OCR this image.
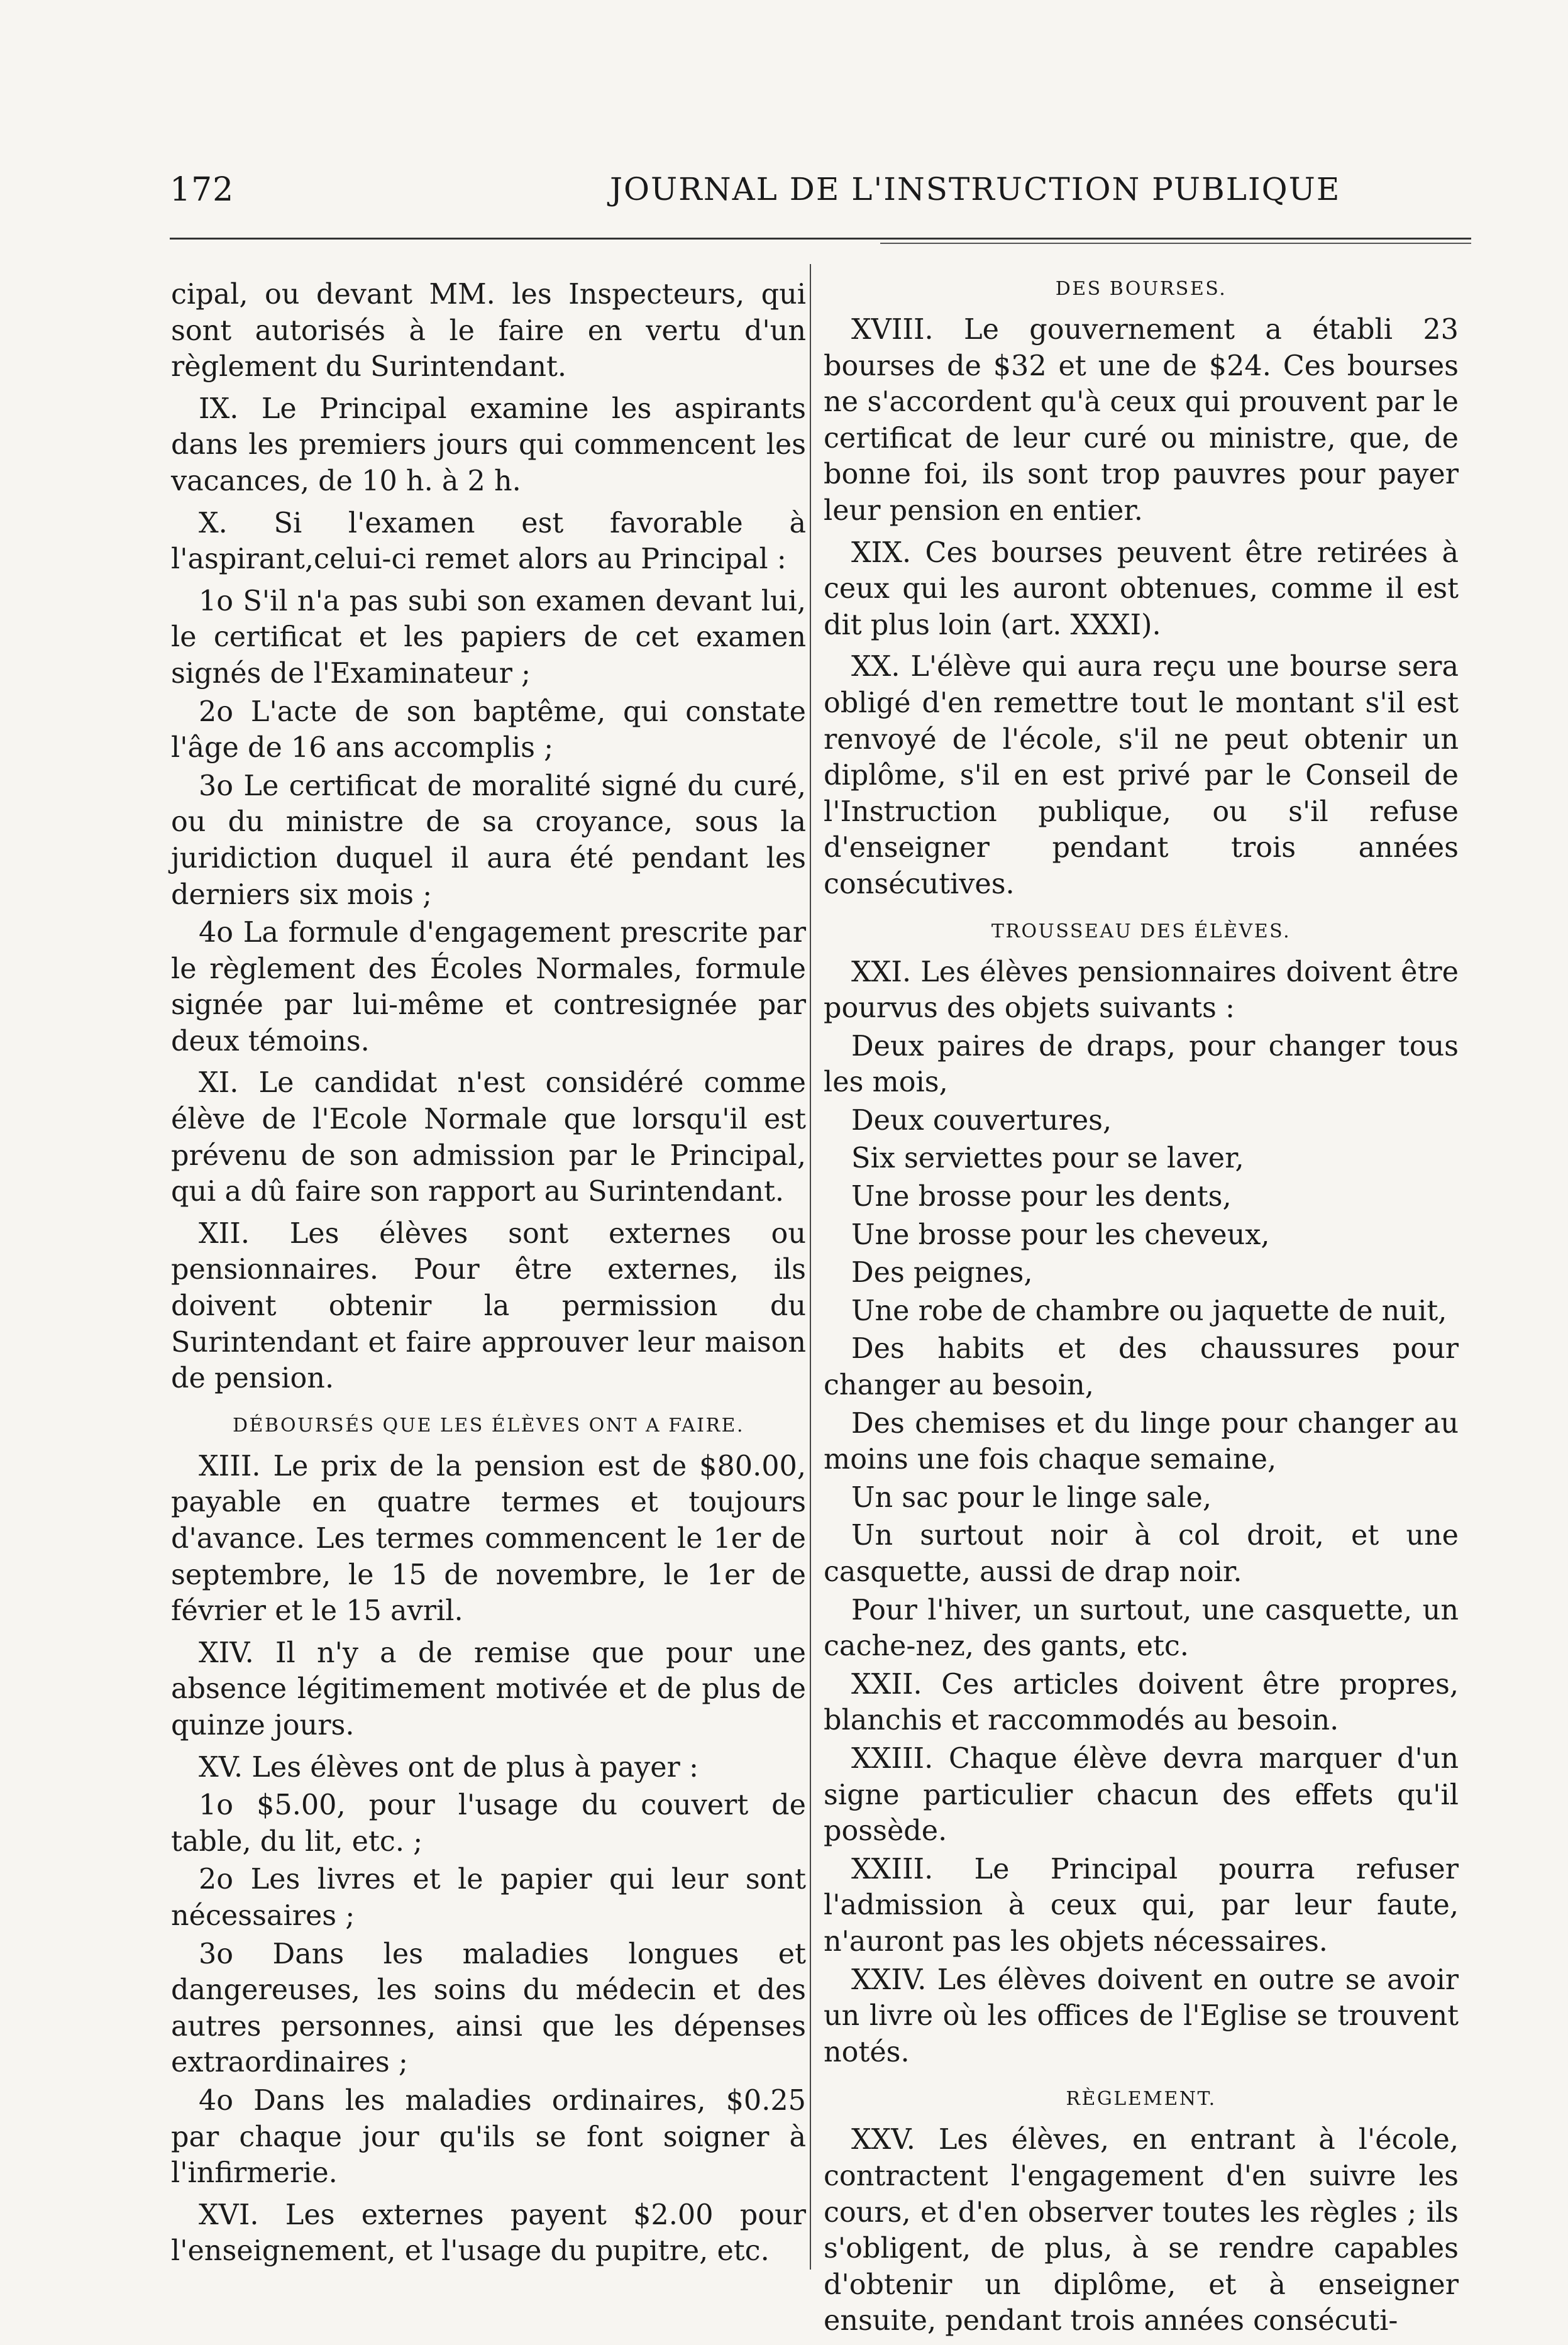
172	JOURNAL DE L'INSTRUCTION PUBLIQUE

cipal, ou devant MM. les Inspecteurs, qui sont autorisés à le faire en vertu d'un règlement du Surintendant.

IX. Le Principal examine les aspirants dans les premiers jours qui commencent les vacances, de 10 h. à 2 h.

X. Si l'examen est favorable à l'aspirant,celui-ci remet alors au Principal :

1o S'il n'a pas subi son examen devant lui, le certificat et les papiers de cet examen signés de l'Examinateur ;

2o L'acte de son baptême, qui constate l'âge de 16 ans accomplis ;

3o Le certificat de moralité signé du curé, ou du ministre de sa croyance, sous la juridiction duquel il aura été pendant les derniers six mois ;

4o La formule d'engagement prescrite par le règlement des Écoles Normales, formule signée par lui-même et contresignée par deux témoins.

XI. Le candidat n'est considéré comme élève de l'Ecole Normale que lorsqu'il est prévenu de son admission par le Principal, qui a dû faire son rapport au Surintendant.

XII. Les élèves sont externes ou pensionnaires. Pour être externes, ils doivent obtenir la permission du Surintendant et faire approuver leur maison de pension.

DÉBOURSÉS QUE LES ÉLÈVES ONT A FAIRE.

XIII. Le prix de la pension est de $80.00, payable en quatre termes et toujours d'avance. Les termes commencent le 1er de septembre, le 15 de novembre, le 1er de février et le 15 avril.

XIV. Il n'y a de remise que pour une absence légitimement motivée et de plus de quinze jours.

XV. Les élèves ont de plus à payer :

1o $5.00, pour l'usage du couvert de table, du lit, etc. ;

2o Les livres et le papier qui leur sont nécessaires ;

3o Dans les maladies longues et dangereuses, les soins du médecin et des autres personnes, ainsi que les dépenses extraordinaires ;

4o Dans les maladies ordinaires, $0.25 par chaque jour qu'ils se font soigner à l'infirmerie.

XVI. Les externes payent $2.00 pour l'enseignement, et l'usage du pupitre, etc.

DES BOURSES.

XVIII. Le gouvernement a établi 23 bourses de $32 et une de $24. Ces bourses ne s'accordent qu'à ceux qui prouvent par le certificat de leur curé ou ministre, que, de bonne foi, ils sont trop pauvres pour payer leur pension en entier.

XIX. Ces bourses peuvent être retirées à ceux qui les auront obtenues, comme il est dit plus loin (art. XXXI).

XX. L'élève qui aura reçu une bourse sera obligé d'en remettre tout le montant s'il est renvoyé de l'école, s'il ne peut obtenir un diplôme, s'il en est privé par le Conseil de l'Instruction publique, ou s'il refuse d'enseigner pendant trois années consécutives.

TROUSSEAU DES ÉLÈVES.

XXI. Les élèves pensionnaires doivent être pourvus des objets suivants :

Deux paires de draps, pour changer tous les mois,

Deux couvertures,

Six serviettes pour se laver,

Une brosse pour les dents,

Une brosse pour les cheveux,

Des peignes,

Une robe de chambre ou jaquette de nuit,

Des habits et des chaussures pour changer au besoin,

Des chemises et du linge pour changer au moins une fois chaque semaine,

Un sac pour le linge sale,

Un surtout noir à col droit, et une casquette, aussi de drap noir.

Pour l'hiver, un surtout, une casquette, un cache-nez, des gants, etc.

XXII. Ces articles doivent être propres, blanchis et raccommodés au besoin.

XXIII. Chaque élève devra marquer d'un signe particulier chacun des effets qu'il possède.

XXIII. Le Principal pourra refuser l'admission à ceux qui, par leur faute, n'auront pas les objets nécessaires.

XXIV. Les élèves doivent en outre se avoir un livre où les offices de l'Eglise se trouvent notés.

RÈGLEMENT.

XXV. Les élèves, en entrant à l'école, contractent l'engagement d'en suivre les cours, et d'en observer toutes les règles ; ils s'obligent, de plus, à se rendre capables d'obtenir un diplôme, et à enseigner ensuite, pendant trois années consécuti-
